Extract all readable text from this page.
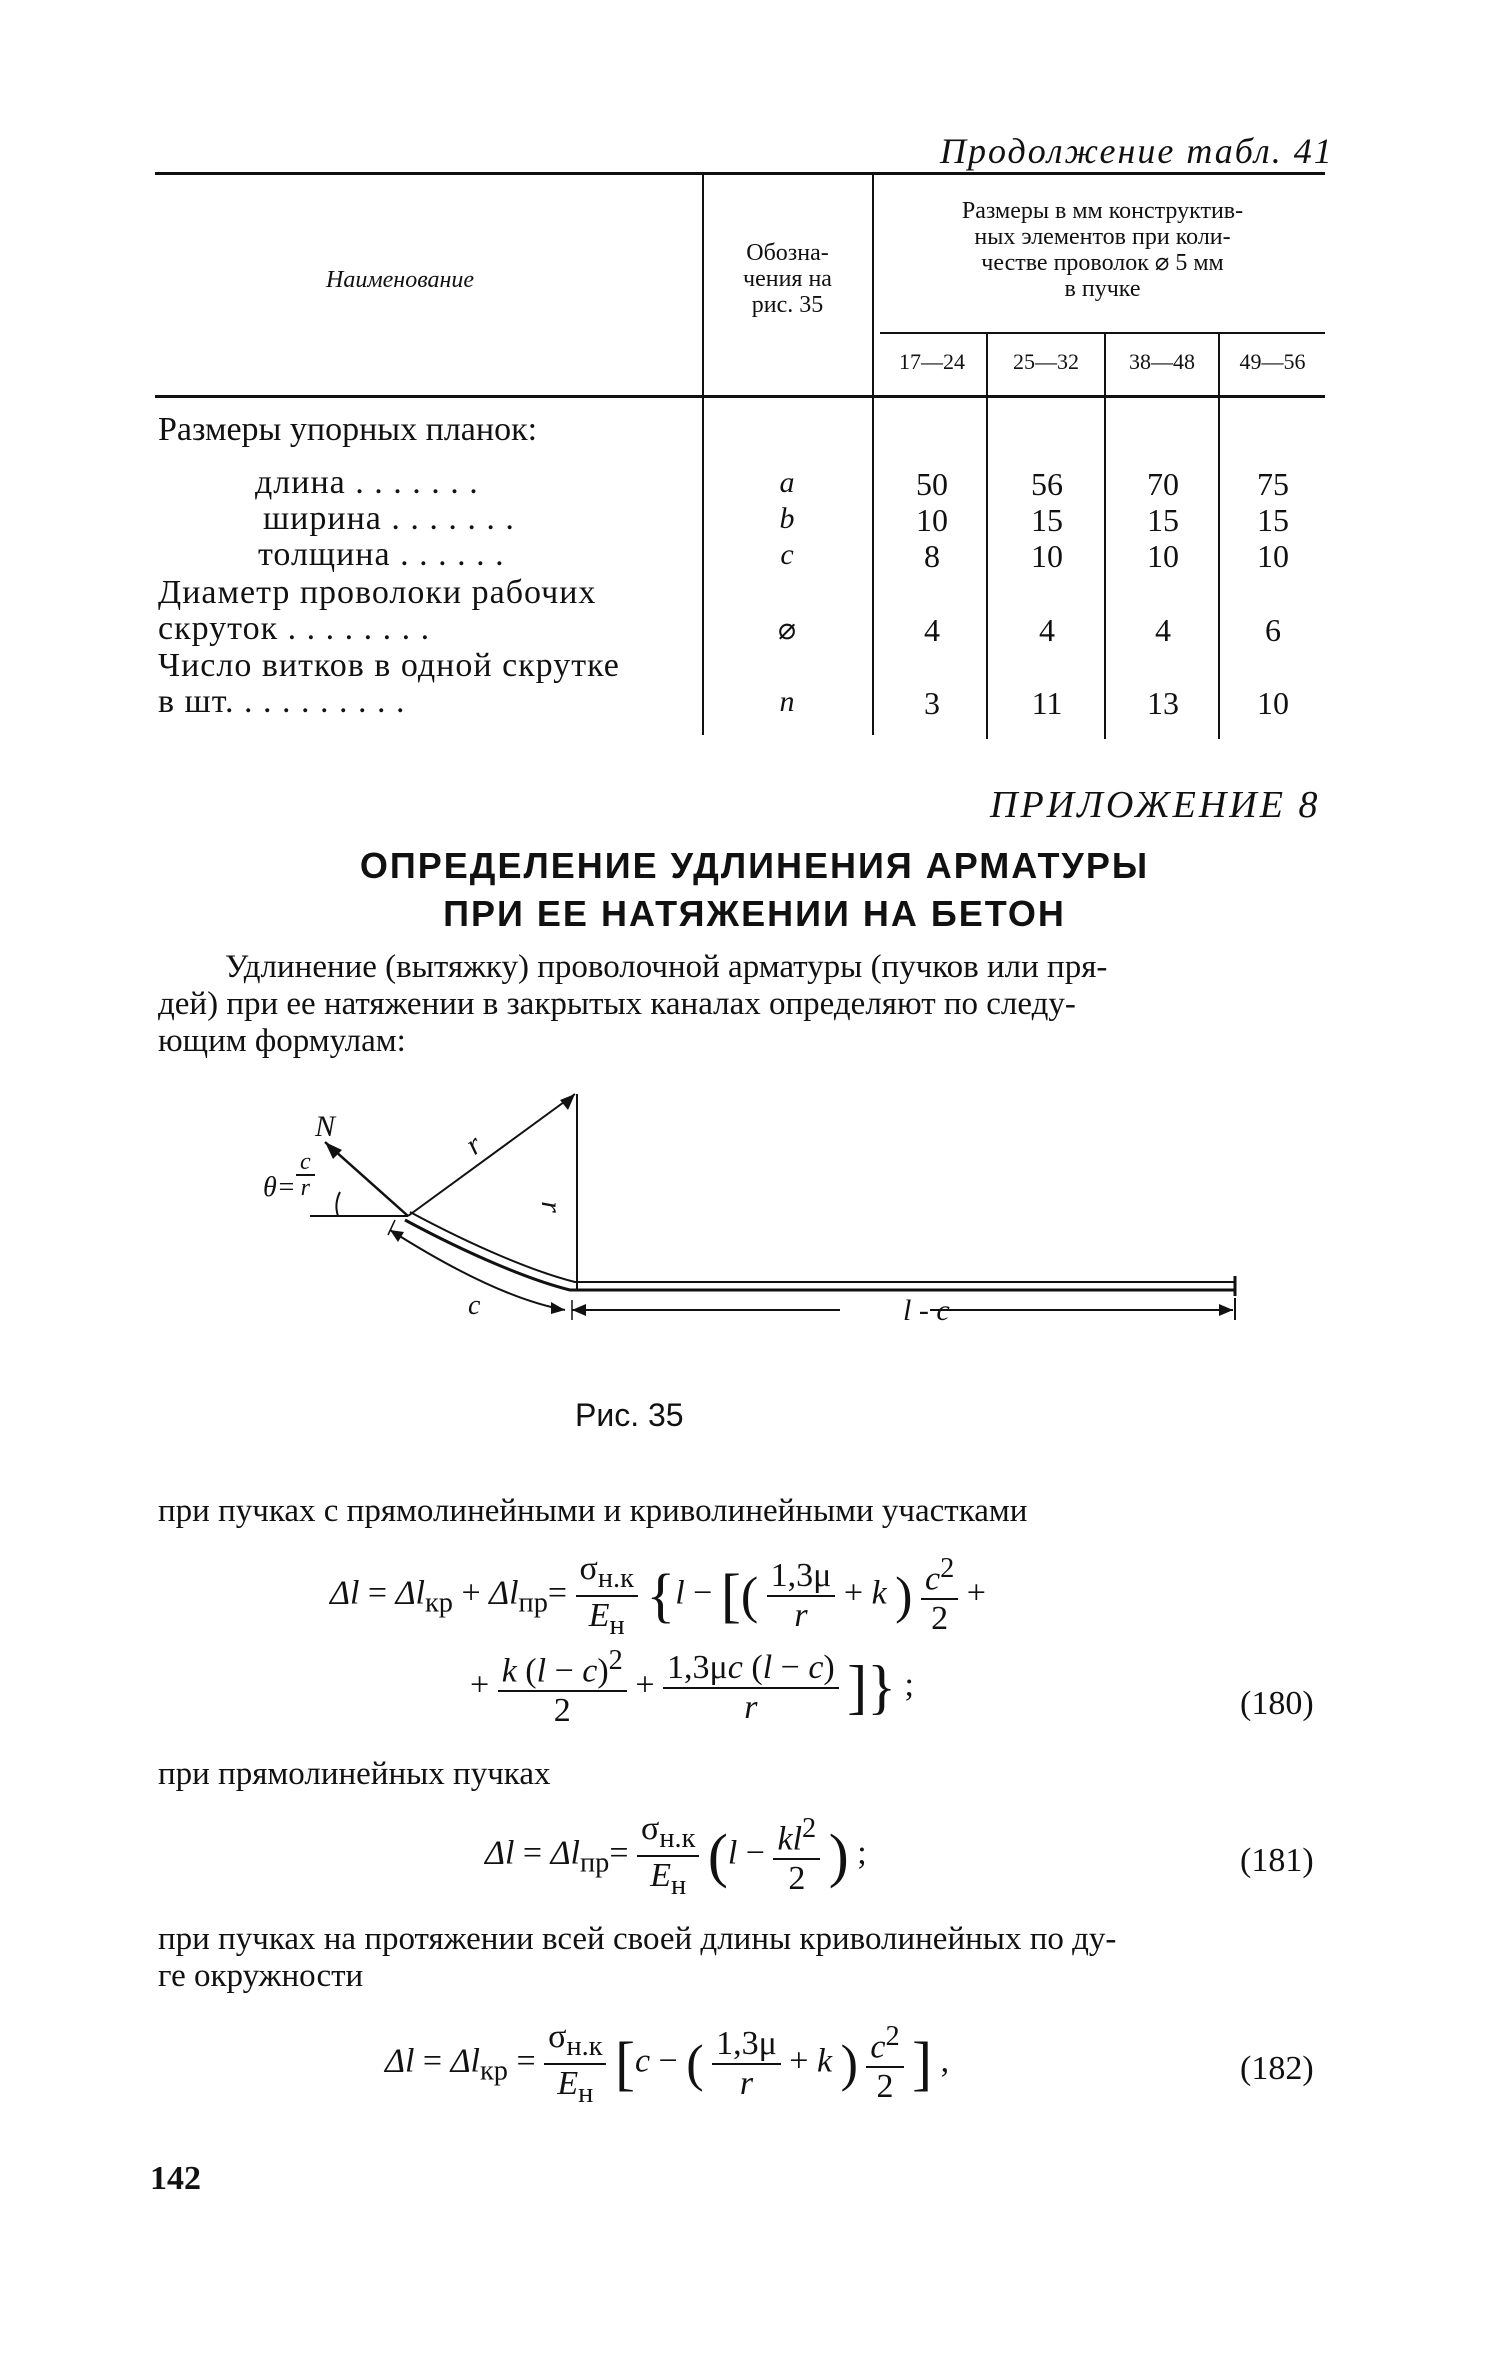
Продолжение табл. 41
Наименование
Обозна-
чения на
рис. 35
Размеры в мм конструктив-
ных элементов при коли-
честве проволок ⌀ 5 мм
в пучке
17—24	25—32	38—48	49—56
Размеры упорных планок:
длина . . . . . . .	a	50	56	70	75
ширина . . . . . . .	b	10	15	15	15
толщина . . . . . .	c	8	10	10	10
Диаметр проволоки рабочих
скруток . . . . . . . .	⌀	4	4	4	6
Число витков в одной скрутке
в шт. . . . . . . . . .	n	3	11	13	10
ПРИЛОЖЕНИЕ 8
ОПРЕДЕЛЕНИЕ УДЛИНЕНИЯ АРМАТУРЫ
ПРИ ЕЕ НАТЯЖЕНИИ НА БЕТОН
Удлинение (вытяжку) проволочной арматуры (пучков или пря-
дей) при ее натяжении в закрытых каналах определяют по следу-
ющим формулам:
N
$\theta= \frac{c}{r}$
r
r
c	l - c
Рис. 35
при пучках с прямолинейными и криволинейными участками
$\Delta l = \Delta l_{кр} + \Delta l_{пр}= \frac{\sigma_{н.к}}{E_н} \{l$ − [( $\frac{1,3\mu}{r} + k$ ) $\frac{c^2}{2}$ +
+ $\frac{k (l - c)^2}{2} + \frac{1,3\mu c (l - c)}{r}$ ]} ;
(180)
при прямолинейных пучках
$\Delta l = \Delta l_{пр}= \frac{\sigma_{н.к}}{E_н} (l - \frac{kl^2}{2}$ ) ;	(181)
при пучках на протяжении всей своей длины криволинейных по ду-
ге окружности
$\Delta l = \Delta l_{кр} = \frac{\sigma_{н.к}}{E_н} [c$ − ( $\frac{1,3\mu}{r} + k$ ) $\frac{c^2}{2}$ ] ,	(182)
142
